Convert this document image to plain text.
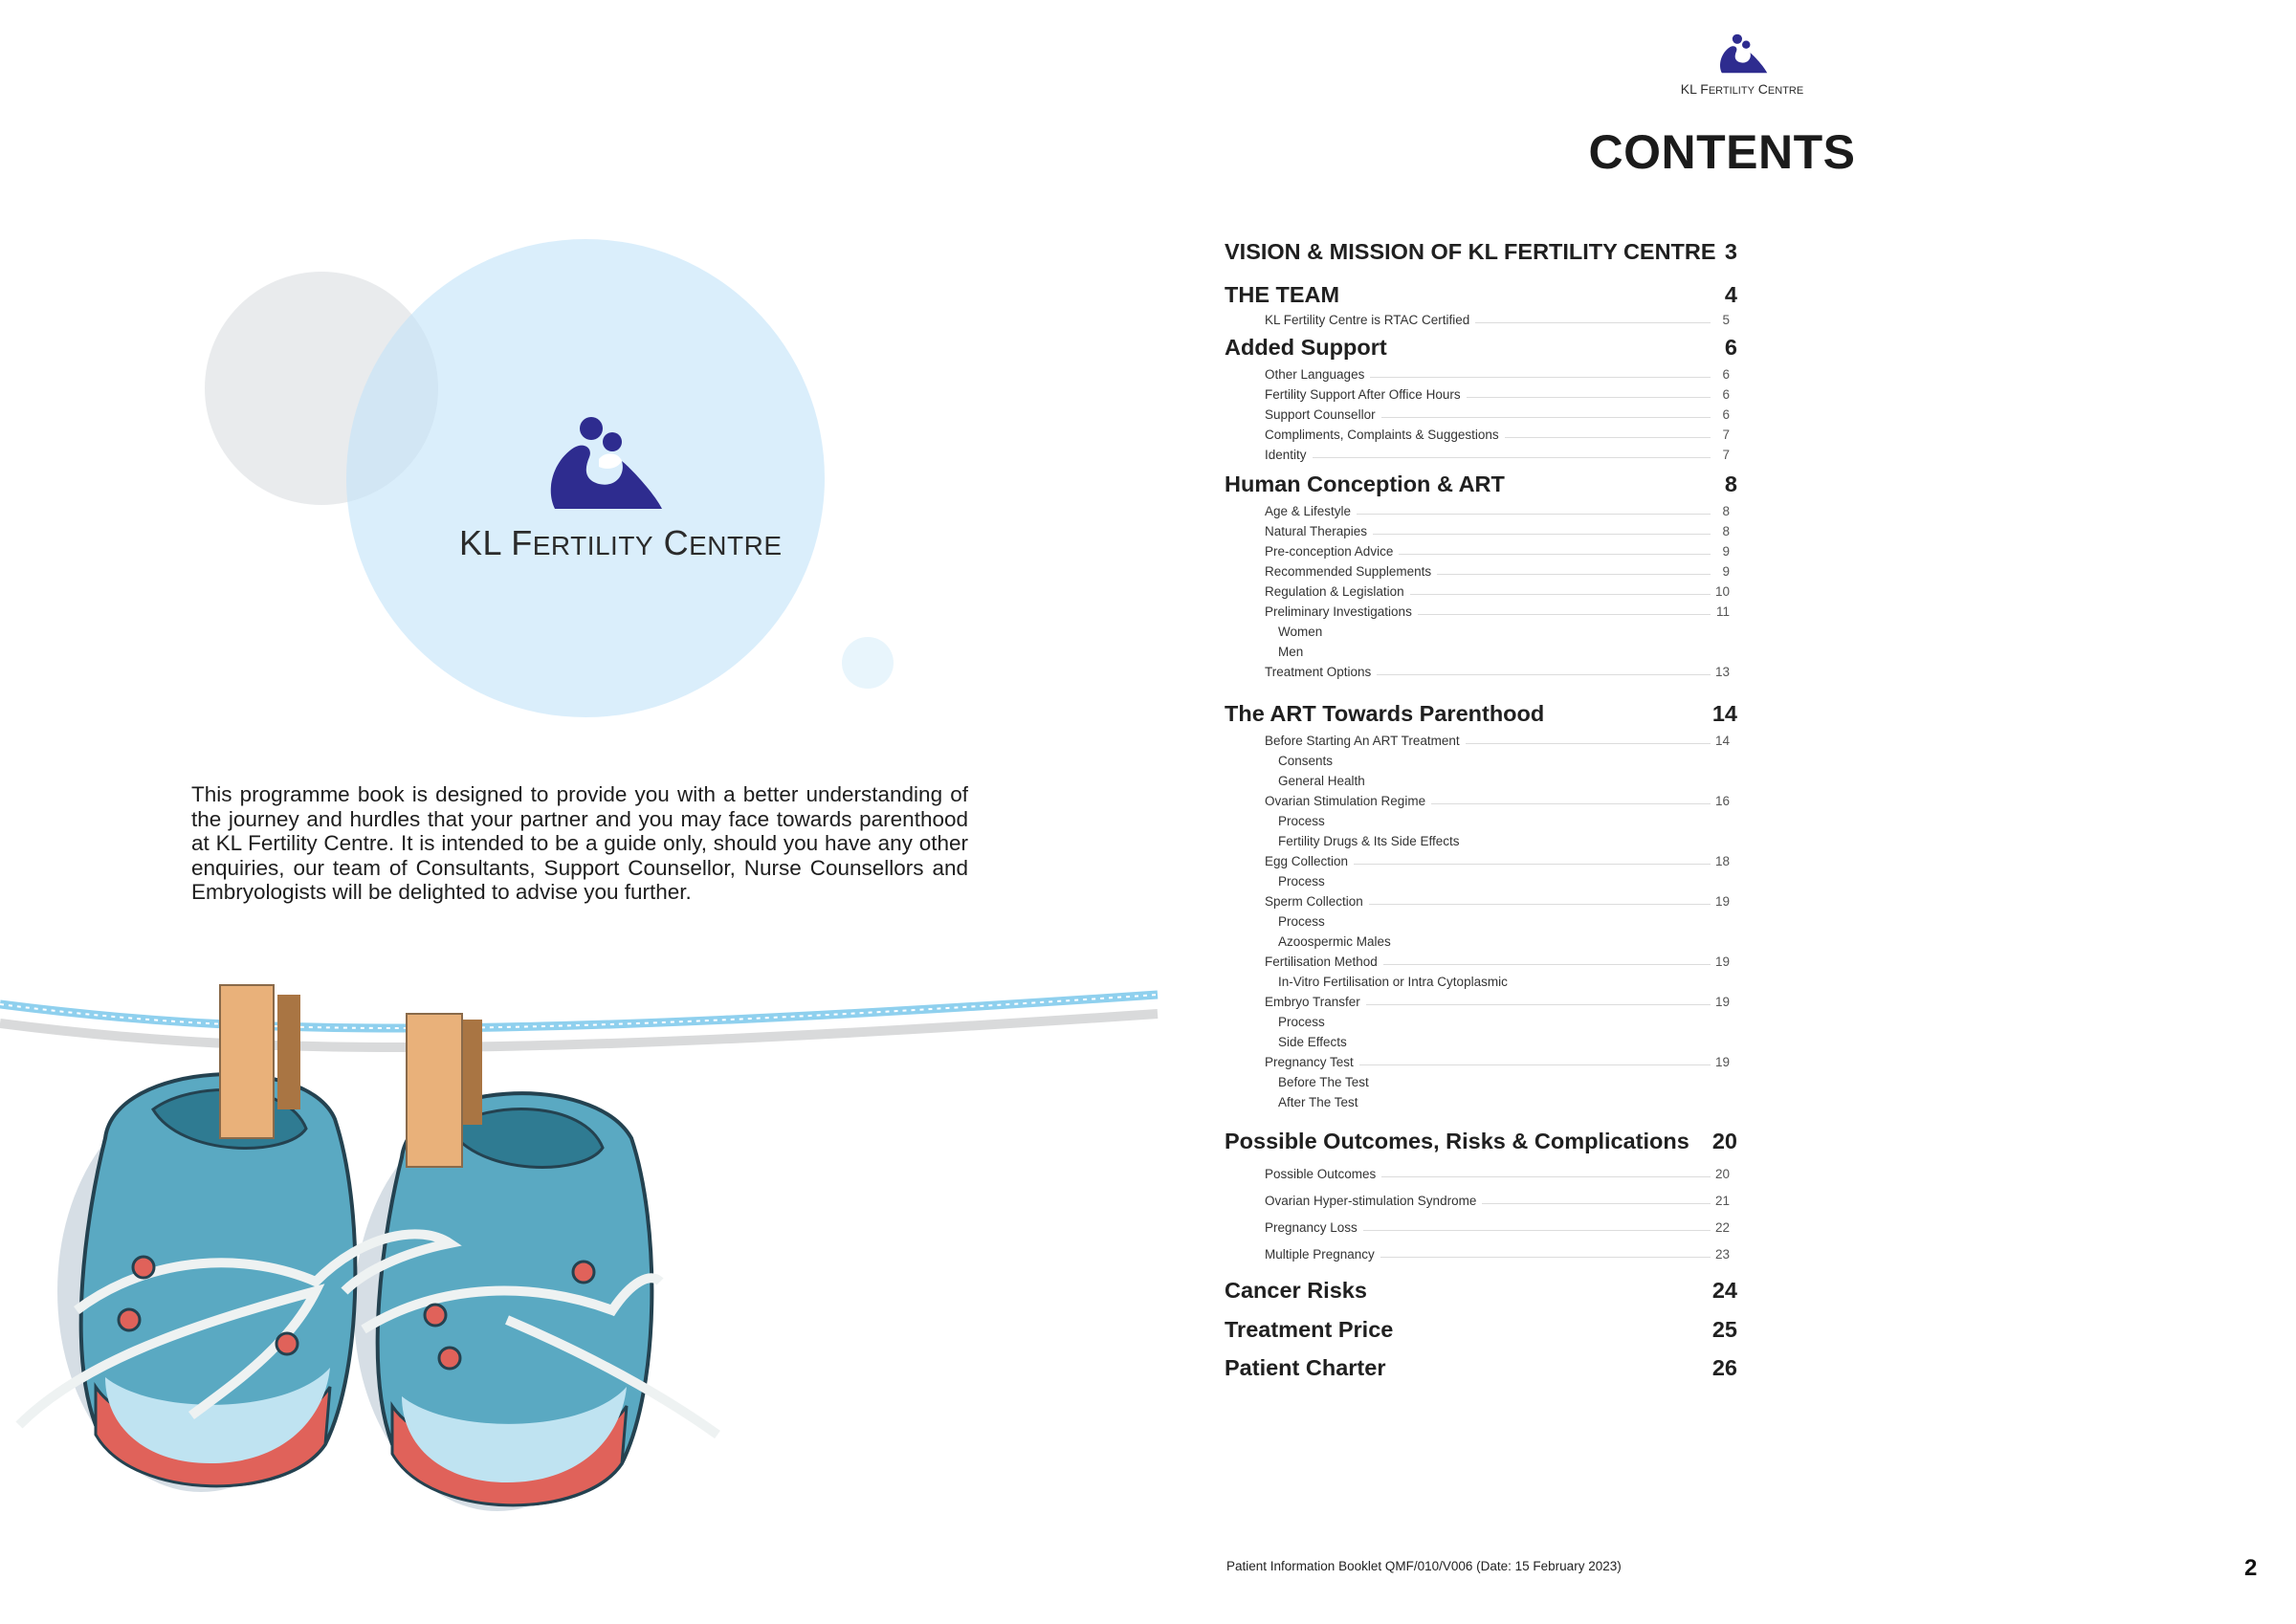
KL FERTILITY CENTRE
This programme book is designed to provide you with a better understanding of the journey and hurdles that your partner and you may face towards parenthood at KL Fertility Centre. It is intended to be a guide only, should you have any other enquiries, our team of Consultants, Support Counsellor, Nurse Counsellors and Embryologists will be delighted to advise you further.
KL FERTILITY CENTRE
CONTENTS
VISION & MISSION OF KL FERTILITY CENTRE 3
THE TEAM	4
KL Fertility Centre is RTAC Certified	5
Added Support	6
Other Languages	6
Fertility Support After Office Hours	6
Support Counsellor	6
Compliments, Complaints & Suggestions	7
Identity	7
Human Conception & ART	8
Age & Lifestyle	8
Natural Therapies	8
Pre-conception Advice	9
Recommended Supplements	9
Regulation & Legislation	10
Preliminary Investigations	11
Women
Men
Treatment Options	13
The ART Towards Parenthood	14
Before Starting An ART Treatment	14
Consents
General Health
Ovarian Stimulation Regime	16
Process
Fertility Drugs & Its Side Effects
Egg Collection	18
Process
Sperm Collection	19
Process
Azoospermic Males
Fertilisation Method	19
In-Vitro Fertilisation or Intra Cytoplasmic
Embryo Transfer	19
Process
Side Effects
Pregnancy Test	19
Before The Test
After The Test
Possible Outcomes, Risks & Complications 20
Possible Outcomes	20
Ovarian Hyper-stimulation Syndrome	21
Pregnancy Loss	22
Multiple Pregnancy	23
Cancer Risks	24
Treatment Price	25
Patient Charter	26
Patient Information Booklet QMF/010/V006 (Date: 15 February 2023)	2
